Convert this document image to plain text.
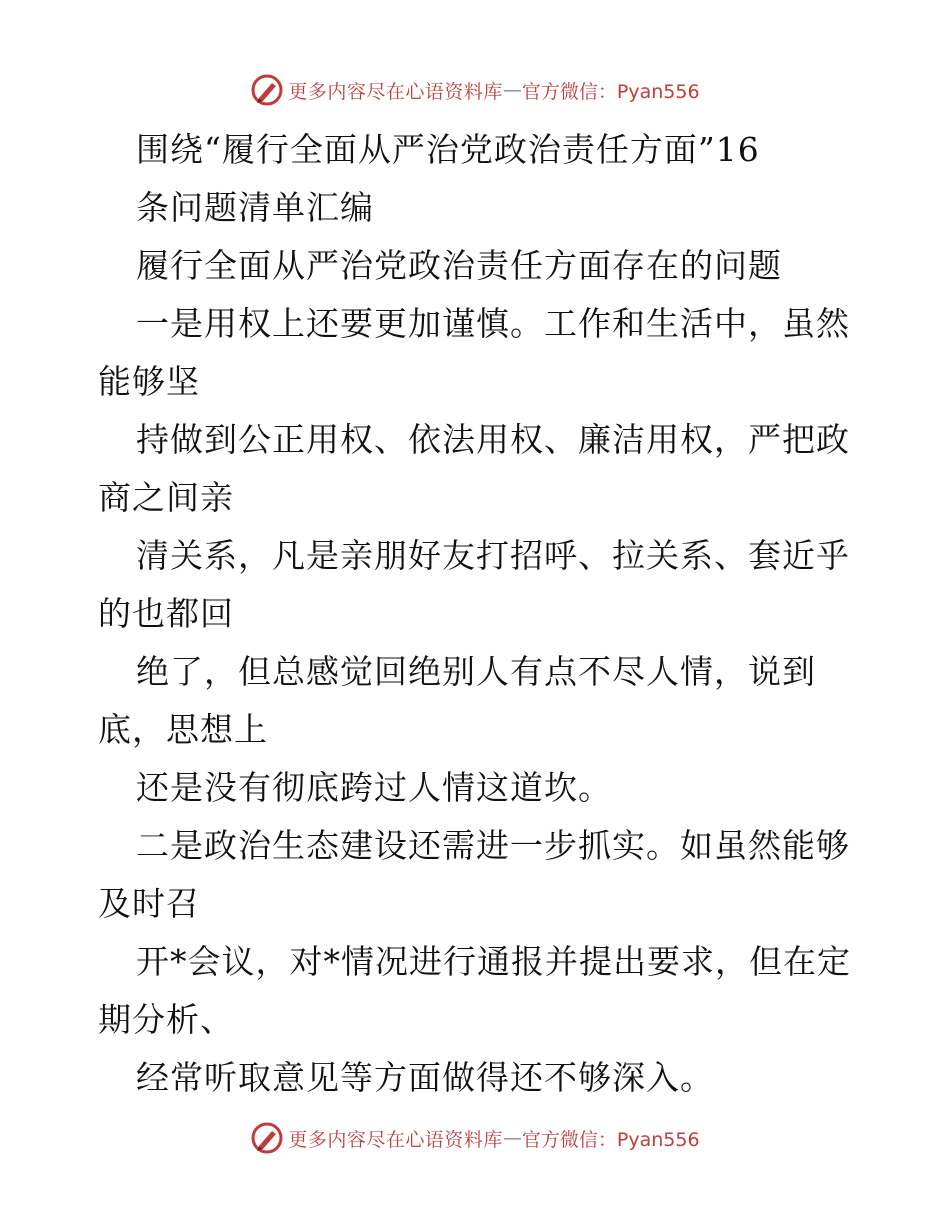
更多内容尽在心语资料库 — 官方微信：Pyan556
围绕“履行全面从严治党政治责任方面”16
条问题清单汇编
履行全面从严治党政治责任方面存在的问题
一是用权上还要更加谨慎。工作和生活中，虽然
能够坚
持做到公正用权、依法用权、廉洁用权，严把政
商之间亲
清关系，凡是亲朋好友打招呼、拉关系、套近乎
的也都回
绝了，但总感觉回绝别人有点不尽人情，说到
底，思想上
还是没有彻底跨过人情这道坎。
二是政治生态建设还需进一步抓实。如虽然能够
及时召
开*会议，对*情况进行通报并提出要求，但在定
期分析、
经常听取意见等方面做得还不够深入。
更多内容尽在心语资料库 — 官方微信：Pyan556
